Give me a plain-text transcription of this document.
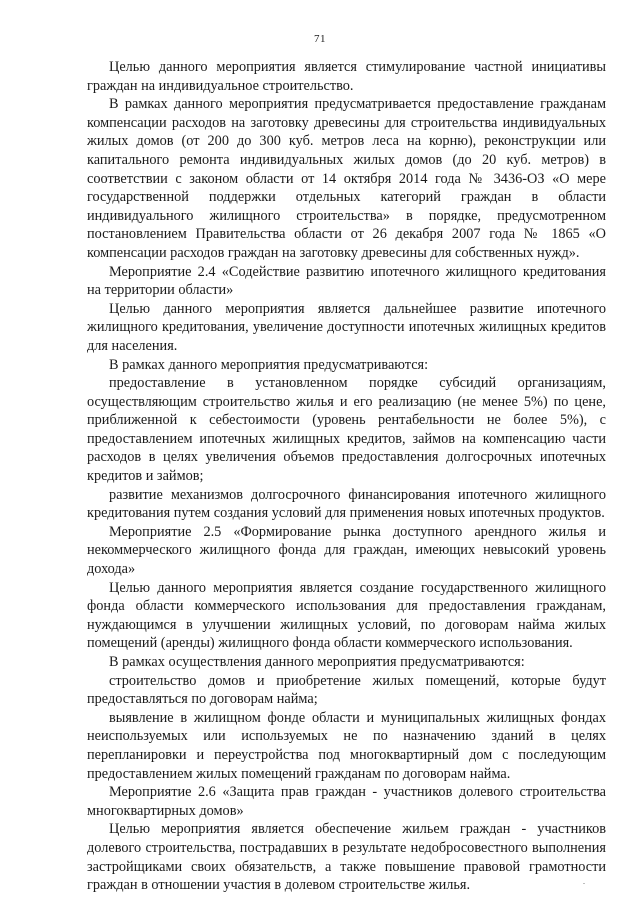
71

Целью данного мероприятия является стимулирование частной инициативы граждан на индивидуальное строительство.

В рамках данного мероприятия предусматривается предоставление гражданам компенсации расходов на заготовку древесины для строительства индивидуальных жилых домов (от 200 до 300 куб. метров леса на корню), реконструкции или капитального ремонта индивидуальных жилых домов (до 20 куб. метров) в соответствии с законом области от 14 октября 2014 года № 3436-ОЗ «О мере государственной поддержки отдельных категорий граждан в области индивидуального жилищного строительства» в порядке, предусмотренном постановлением Правительства области от 26 декабря 2007 года № 1865 «О компенсации расходов граждан на заготовку древесины для собственных нужд».

Мероприятие 2.4 «Содействие развитию ипотечного жилищного кредитования на территории области»

Целью данного мероприятия является дальнейшее развитие ипотечного жилищного кредитования, увеличение доступности ипотечных жилищных кредитов для населения.

В рамках данного мероприятия предусматриваются:

предоставление в установленном порядке субсидий организациям, осуществляющим строительство жилья и его реализацию (не менее 5%) по цене, приближенной к себестоимости (уровень рентабельности не более 5%), с предоставлением ипотечных жилищных кредитов, займов на компенсацию части расходов в целях увеличения объемов предоставления долгосрочных ипотечных кредитов и займов;

развитие механизмов долгосрочного финансирования ипотечного жилищного кредитования путем создания условий для применения новых ипотечных продуктов.

Мероприятие 2.5 «Формирование рынка доступного арендного жилья и некоммерческого жилищного фонда для граждан, имеющих невысокий уровень дохода»

Целью данного мероприятия является создание государственного жилищного фонда области коммерческого использования для предоставления гражданам, нуждающимся в улучшении жилищных условий, по договорам найма жилых помещений (аренды) жилищного фонда области коммерческого использования.

В рамках осуществления данного мероприятия предусматриваются:

строительство домов и приобретение жилых помещений, которые будут предоставляться по договорам найма;

выявление в жилищном фонде области и муниципальных жилищных фондах неиспользуемых или используемых не по назначению зданий в целях перепланировки и переустройства под многоквартирный дом с последующим предоставлением жилых помещений гражданам по договорам найма.

Мероприятие 2.6 «Защита прав граждан - участников долевого строительства многоквартирных домов»

Целью мероприятия является обеспечение жильем граждан - участников долевого строительства, пострадавших в результате недобросовестного выполнения застройщиками своих обязательств, а также повышение правовой грамотности граждан в отношении участия в долевом строительстве жилья.	.
